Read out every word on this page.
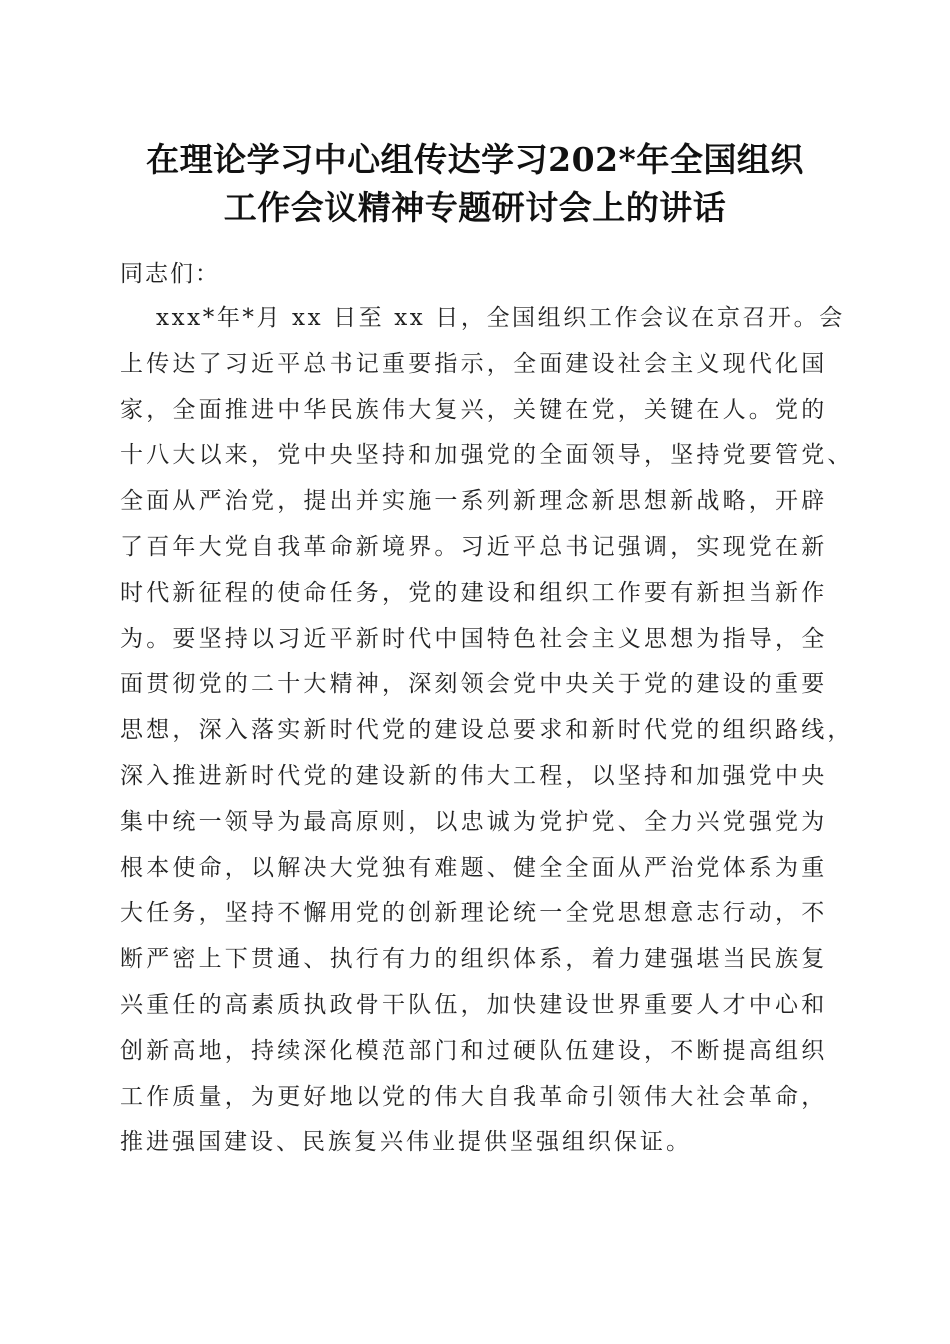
在理论学习中心组传达学习202*年全国组织
工作会议精神专题研讨会上的讲话
同志们：
xxx*年*月 xx 日至 xx 日，全国组织工作会议在京召开。会
上传达了习近平总书记重要指示，全面建设社会主义现代化国
家，全面推进中华民族伟大复兴，关键在党，关键在人。党的
十八大以来，党中央坚持和加强党的全面领导，坚持党要管党、
全面从严治党，提出并实施一系列新理念新思想新战略，开辟
了百年大党自我革命新境界。习近平总书记强调，实现党在新
时代新征程的使命任务，党的建设和组织工作要有新担当新作
为。要坚持以习近平新时代中国特色社会主义思想为指导，全
面贯彻党的二十大精神，深刻领会党中央关于党的建设的重要
思想，深入落实新时代党的建设总要求和新时代党的组织路线，
深入推进新时代党的建设新的伟大工程，以坚持和加强党中央
集中统一领导为最高原则，以忠诚为党护党、全力兴党强党为
根本使命，以解决大党独有难题、健全全面从严治党体系为重
大任务，坚持不懈用党的创新理论统一全党思想意志行动，不
断严密上下贯通、执行有力的组织体系，着力建强堪当民族复
兴重任的高素质执政骨干队伍，加快建设世界重要人才中心和
创新高地，持续深化模范部门和过硬队伍建设，不断提高组织
工作质量，为更好地以党的伟大自我革命引领伟大社会革命，
推进强国建设、民族复兴伟业提供坚强组织保证。
